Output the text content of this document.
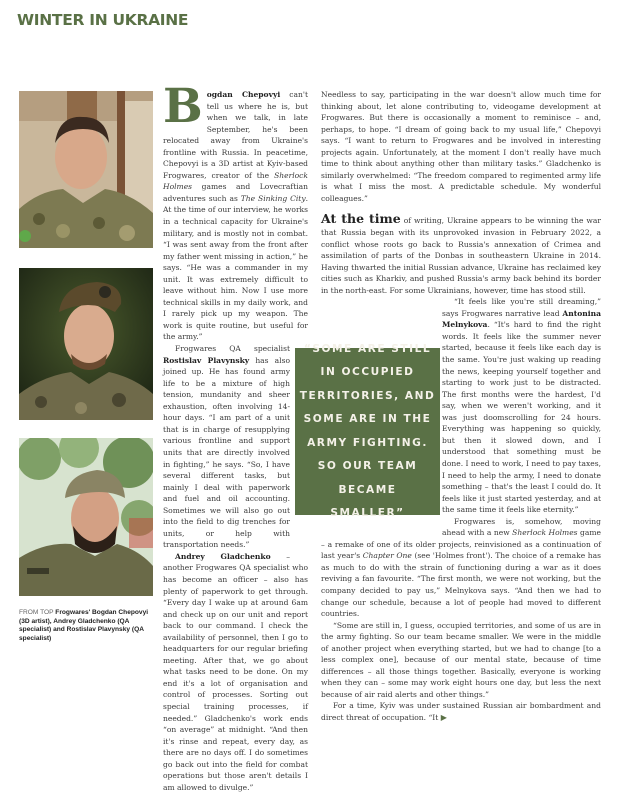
WINTER IN UKRAINE
FROM TOP Frogwares' Bogdan Chepovyi (3D artist), Andrey Gladchenko (QA specialist) and Rostislav Plavynsky (QA specialist)

Bogdan Chepovyi can't tell us where he is, but when we talk, in late September, he's been relocated away from Ukraine's frontline with Russia. In peacetime, Chepovyi is a 3D artist at Kyiv-based Frogwares, creator of the Sherlock Holmes games and Lovecraftian adventures such as The Sinking City. At the time of our interview, he works in a technical capacity for Ukraine's military, and is mostly not in combat. “I was sent away from the front after my father went missing in action,” he says. “He was a commander in my unit. It was extremely difficult to leave without him. Now I use more technical skills in my daily work, and I rarely pick up my weapon. The work is quite routine, but useful for the army.”

Frogwares QA specialist Rostislav Plavynsky has also joined up. He has found army life to be a mixture of high tension, mundanity and sheer exhaustion, often involving 14-hour days. “I am part of a unit that is in charge of resupplying various frontline and support units that are directly involved in fighting,” he says. “So, I have several different tasks, but mainly I deal with paperwork and fuel and oil accounting. Sometimes we will also go out into the field to dig trenches for units, or help with transportation needs.”

Andrey Gladchenko – another Frogwares QA specialist who has become an officer – also has plenty of paperwork to get through. “Every day I wake up at around 6am and check up on our unit and report back to our command. I check the availability of personnel, then I go to headquarters for our regular briefing meeting. After that, we go about what tasks need to be done. On my end it's a lot of organisation and control of processes. Sorting out special training processes, if needed.” Gladchenko's work ends “on average” at midnight. “And then it's rinse and repeat, every day, as there are no days off. I do sometimes go back out into the field for combat operations but those aren't details I am allowed to divulge.”

Needless to say, participating in the war doesn't allow much time for thinking about, let alone contributing to, videogame development at Frogwares. But there is occasionally a moment to reminisce – and, perhaps, to hope. “I dream of going back to my usual life,” Chepovyi says. “I want to return to Frogwares and be involved in interesting projects again. Unfortunately, at the moment I don't really have much time to think about anything other than military tasks.” Gladchenko is similarly overwhelmed: “The freedom compared to regimented army life is what I miss the most. A predictable schedule. My wonderful colleagues.”

At the time of writing, Ukraine appears to be winning the war that Russia began with its unprovoked invasion in February 2022, a conflict whose roots go back to Russia's annexation of Crimea and assimilation of parts of the Donbas in southeastern Ukraine in 2014. Having thwarted the initial Russian advance, Ukraine has reclaimed key cities such as Kharkiv, and pushed Russia's army back behind its border in the north-east. For some Ukrainians, however, time has stood still.

“It feels like you're still dreaming,” says Frogwares narrative lead Antonina Melnykova. “It's hard to find the right words. It feels like the summer never started, because it feels like each day is the same. You're just waking up reading the news, keeping yourself together and starting to work just to be distracted. The first months were the hardest, I'd say, when we weren't working, and it was just doomscrolling for 24 hours. Everything was happening so quickly, but then it slowed down, and I understood that something must be done. I need to work, I need to pay taxes, I need to help the army, I need to donate something – that's the least I could do. It feels like it just started yesterday, and at the same time it feels like eternity.”

Frogwares is, somehow, moving ahead with a new Sherlock Holmes game – a remake of one of its older projects, reinvisioned as a continuation of last year's Chapter One (see 'Holmes front'). The choice of a remake has as much to do with the strain of functioning during a war as it does reviving a fan favourite. “The first month, we were not working, but the company decided to pay us,” Melnykova says. “And then we had to change our schedule, because a lot of people had moved to different countries.

“Some are still in, I guess, occupied territories, and some of us are in the army fighting. So our team became smaller. We were in the middle of another project when everything started, but we had to change [to a less complex one], because of our mental state, because of time differences – all those things together. Basically, everyone is working when they can – some may work eight hours one day, but less the next because of air raid alerts and other things.”

For a time, Kyiv was under sustained Russian air bombardment and direct threat of occupation. “It ▶

“SOME ARE STILL IN OCCUPIED TERRITORIES, AND SOME ARE IN THE ARMY FIGHTING. SO OUR TEAM BECAME SMALLER”
